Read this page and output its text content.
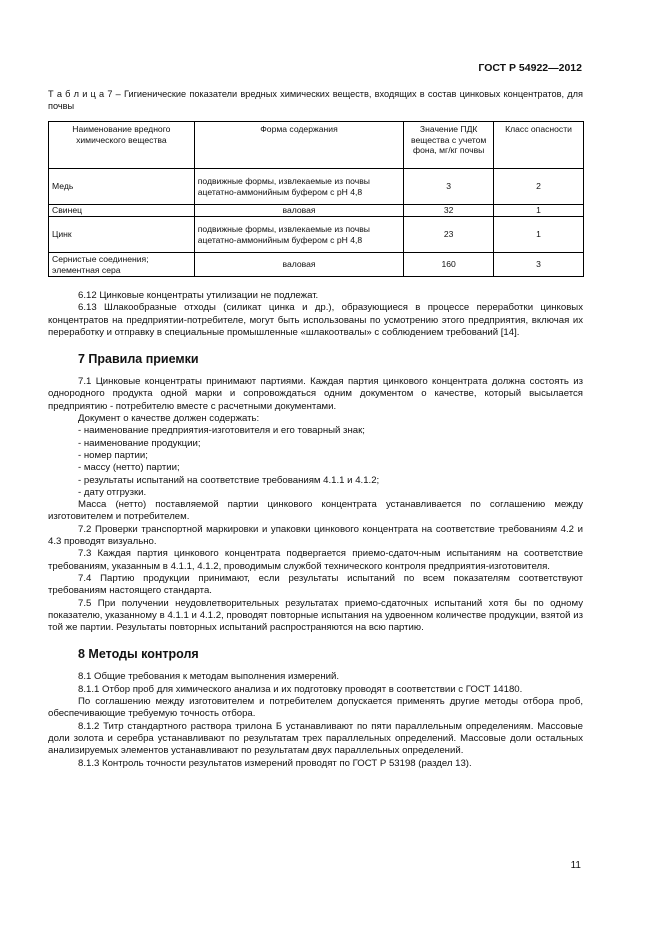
ГОСТ Р 54922—2012
Т а б л и ц а 7 – Гигиенические показатели вредных химических веществ, входящих в состав цинковых концентратов, для почвы
Наименование вредного химического вещества	Форма содержания	Значение ПДК вещества с учетом фона, мг/кг почвы	Класс опасности
Медь	подвижные формы, извлекаемые из почвы ацетатно-аммонийным буфером с рН 4,8	3	2
Свинец	валовая	32	1
Цинк	подвижные формы, извлекаемые из почвы ацетатно-аммонийным буфером с рН 4,8	23	1
Сернистые соединения; элементная сера	валовая	160	3

6.12 Цинковые концентраты утилизации не подлежат.

6.13 Шлакообразные отходы (силикат цинка и др.), образующиеся в процессе переработки цинковых концентратов на предприятии-потребителе, могут быть использованы по усмотрению этого предприятия, включая их переработку и отправку в специальные промышленные «шлакоотвалы» с соблюдением требований [14].

7 Правила приемки

7.1 Цинковые концентраты принимают партиями. Каждая партия цинкового концентрата должна состоять из однородного продукта одной марки и сопровождаться одним документом о качестве, который высылается предприятию - потребителю вместе с расчетными документами.

Документ о качестве должен содержать:

- наименование предприятия-изготовителя и его товарный знак;

- наименование продукции;

- номер партии;

- массу (нетто) партии;

- результаты испытаний на соответствие требованиям 4.1.1 и 4.1.2;

- дату отгрузки.

Масса (нетто) поставляемой партии цинкового концентрата устанавливается по соглашению между изготовителем и потребителем.

7.2 Проверки транспортной маркировки и упаковки цинкового концентрата на соответствие требованиям 4.2 и 4.3 проводят визуально.

7.3 Каждая партия цинкового концентрата подвергается приемо-сдаточ-ным испытаниям на соответствие требованиям, указанным в 4.1.1, 4.1.2, проводимым службой технического контроля предприятия-изготовителя.

7.4 Партию продукции принимают, если результаты испытаний по всем показателям соответствуют требованиям настоящего стандарта.

7.5 При получении неудовлетворительных результатах приемо-сдаточных испытаний хотя бы по одному показателю, указанному в 4.1.1 и 4.1.2, проводят повторные испытания на удвоенном количестве продукции, взятой из той же партии. Результаты повторных испытаний распространяются на всю партию.

8 Методы контроля

8.1 Общие требования к методам выполнения измерений.

8.1.1 Отбор проб для химического анализа и их подготовку проводят в соответствии с ГОСТ 14180.

По соглашению между изготовителем и потребителем допускается применять другие методы отбора проб, обеспечивающие требуемую точность отбора.

8.1.2 Титр стандартного раствора трилона Б устанавливают по пяти параллельным определениям. Массовые доли золота и серебра устанавливают по результатам трех параллельных определений. Массовые доли остальных анализируемых элементов устанавливают по результатам двух параллельных определений.

8.1.3 Контроль точности результатов измерений проводят по ГОСТ Р 53198 (раздел 13).

11
